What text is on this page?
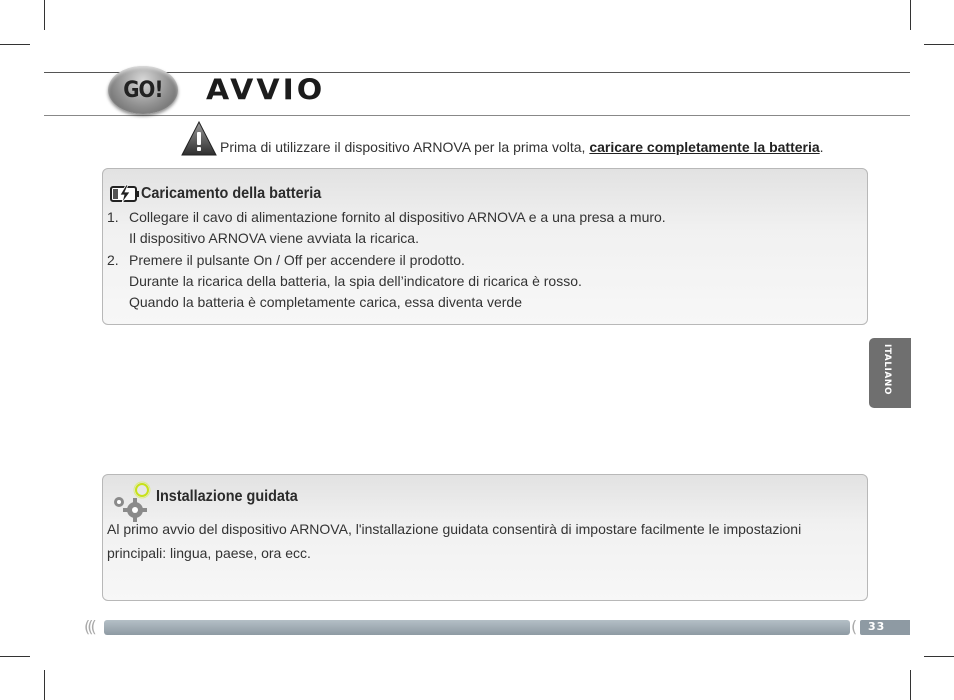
GO! AVVIO
Prima di utilizzare il dispositivo ARNOVA per la prima volta, caricare completamente la batteria.
Caricamento della batteria
1. Collegare il cavo di alimentazione fornito al dispositivo ARNOVA e a una presa a muro.
Il dispositivo ARNOVA viene avviata la ricarica.
2. Premere il pulsante On / Off per accendere il prodotto.
Durante la ricarica della batteria, la spia dell’indicatore di ricarica è rosso.
Quando la batteria è completamente carica, essa diventa verde
Installazione guidata
Al primo avvio del dispositivo ARNOVA, l'installazione guidata consentirà di impostare facilmente le impostazioni principali: lingua, paese, ora ecc.
ITALIANO
(((	( 33
